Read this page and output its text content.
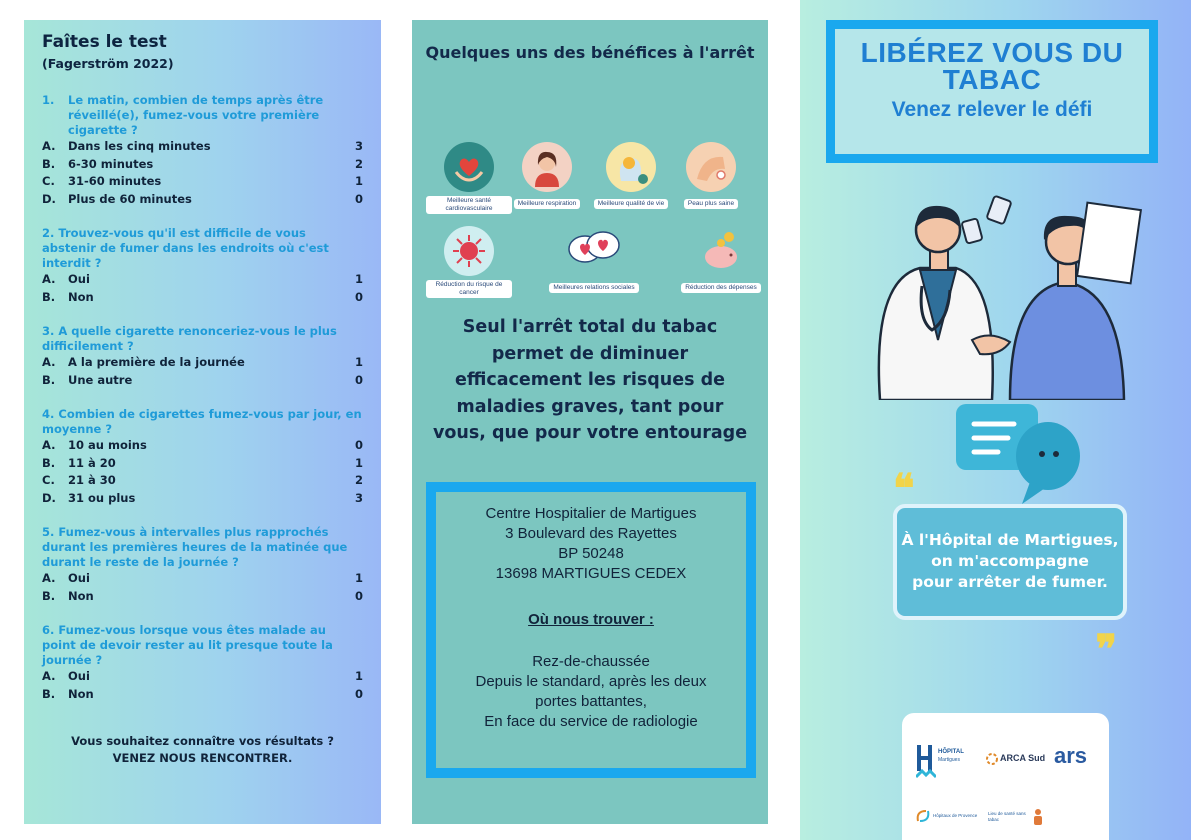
Faîtes le test
(Fagerström 2022)
1.	Le matin, combien de temps après être réveillé(e), fumez-vous votre première cigarette ?
A.	Dans les cinq minutes	3
B.	6-30 minutes	2
C.	31-60 minutes	1
D.	Plus de 60 minutes	0
2. Trouvez-vous qu'il est difficile de vous abstenir de fumer dans les endroits où c'est interdit ?
A.	Oui	1
B.	Non	0
3. A quelle cigarette renonceriez-vous le plus difficilement ?
A.	A la première de la journée	1
B.	Une autre	0
4. Combien de cigarettes fumez-vous par jour, en moyenne ?
A.	10 au moins	0
B.	11 à 20	1
C.	21 à 30	2
D.	31 ou plus	3
5. Fumez-vous à intervalles plus rapprochés durant les premières heures de la matinée que durant le reste de la journée ?
A.	Oui	1
B.	Non	0
6. Fumez-vous lorsque vous êtes malade au point de devoir rester au lit presque toute la journée ?
A.	Oui	1
B.	Non	0
Vous souhaitez connaître vos résultats ?
VENEZ NOUS RENCONTRER.
Quelques uns des bénéfices à l'arrêt
Meilleure santé cardiovasculaire
Meilleure respiration	Meilleure qualité de vie	Peau plus saine
Réduction du risque de cancer
Meilleures relations sociales	Réduction des dépenses
Seul l'arrêt total du tabac permet de diminuer efficacement les risques de maladies graves, tant pour vous, que pour votre entourage
Centre Hospitalier de Martigues
3 Boulevard des Rayettes
BP 50248
13698 MARTIGUES CEDEX
Où nous trouver :
Rez-de-chaussée
Depuis le standard, après les deux portes battantes,
En face du service de radiologie
LIBÉREZ VOUS DU TABAC
Venez relever le défi
❝
À l'Hôpital de Martigues,
on m'accompagne
pour arrêter de fumer.
❞
HÔPITAL
Martigues	ARCA Sud ars
Hôpitaux de Provence Lieu de santé sans tabac
